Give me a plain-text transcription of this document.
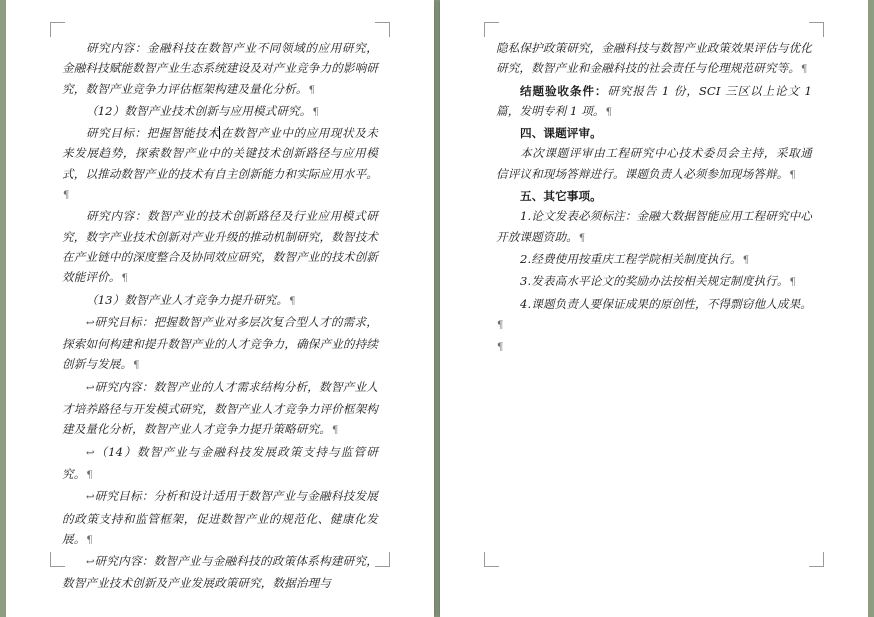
研究内容：金融科技在数智产业不同领域的应用研究，金融科技赋能数智产业生态系统建设及对产业竞争力的影响研究，数智产业竞争力评估框架构建及量化分析。¶

（12）数智产业技术创新与应用模式研究。¶

研究目标：把握智能技术在数智产业中的应用现状及未来发展趋势，探索数智产业中的关键技术创新路径与应用模式，以推动数智产业的技术有自主创新能力和实际应用水平。¶

研究内容：数智产业的技术创新路径及行业应用模式研究，数字产业技术创新对产业升级的推动机制研究，数智技术在产业链中的深度整合及协同效应研究，数智产业的技术创新效能评价。¶

（13）数智产业人才竞争力提升研究。¶

↩研究目标：把握数智产业对多层次复合型人才的需求，探索如何构建和提升数智产业的人才竞争力，确保产业的持续创新与发展。¶

↩研究内容：数智产业的人才需求结构分析，数智产业人才培养路径与开发模式研究，数智产业人才竞争力评价框架构建及量化分析，数智产业人才竞争力提升策略研究。¶

↩（14）数智产业与金融科技发展政策支持与监管研究。¶

↩研究目标：分析和设计适用于数智产业与金融科技发展的政策支持和监管框架，促进数智产业的规范化、健康化发展。¶

↩研究内容：数智产业与金融科技的政策体系构建研究，数智产业技术创新及产业发展政策研究，数据治理与

隐私保护政策研究，金融科技与数智产业政策效果评估与优化研究，数智产业和金融科技的社会责任与伦理规范研究等。¶

结题验收条件：研究报告 1 份，SCI 三区以上论文 1 篇，发明专利 1 项。¶

四、课题评审。

本次课题评审由工程研究中心技术委员会主持，采取通信评议和现场答辩进行。课题负责人必须参加现场答辩。¶

五、其它事项。

1.论文发表必须标注：金融大数据智能应用工程研究中心开放课题资助。¶

2.经费使用按重庆工程学院相关制度执行。¶

3.发表高水平论文的奖励办法按相关规定制度执行。¶

4.课题负责人要保证成果的原创性，不得剽窃他人成果。¶

¶
